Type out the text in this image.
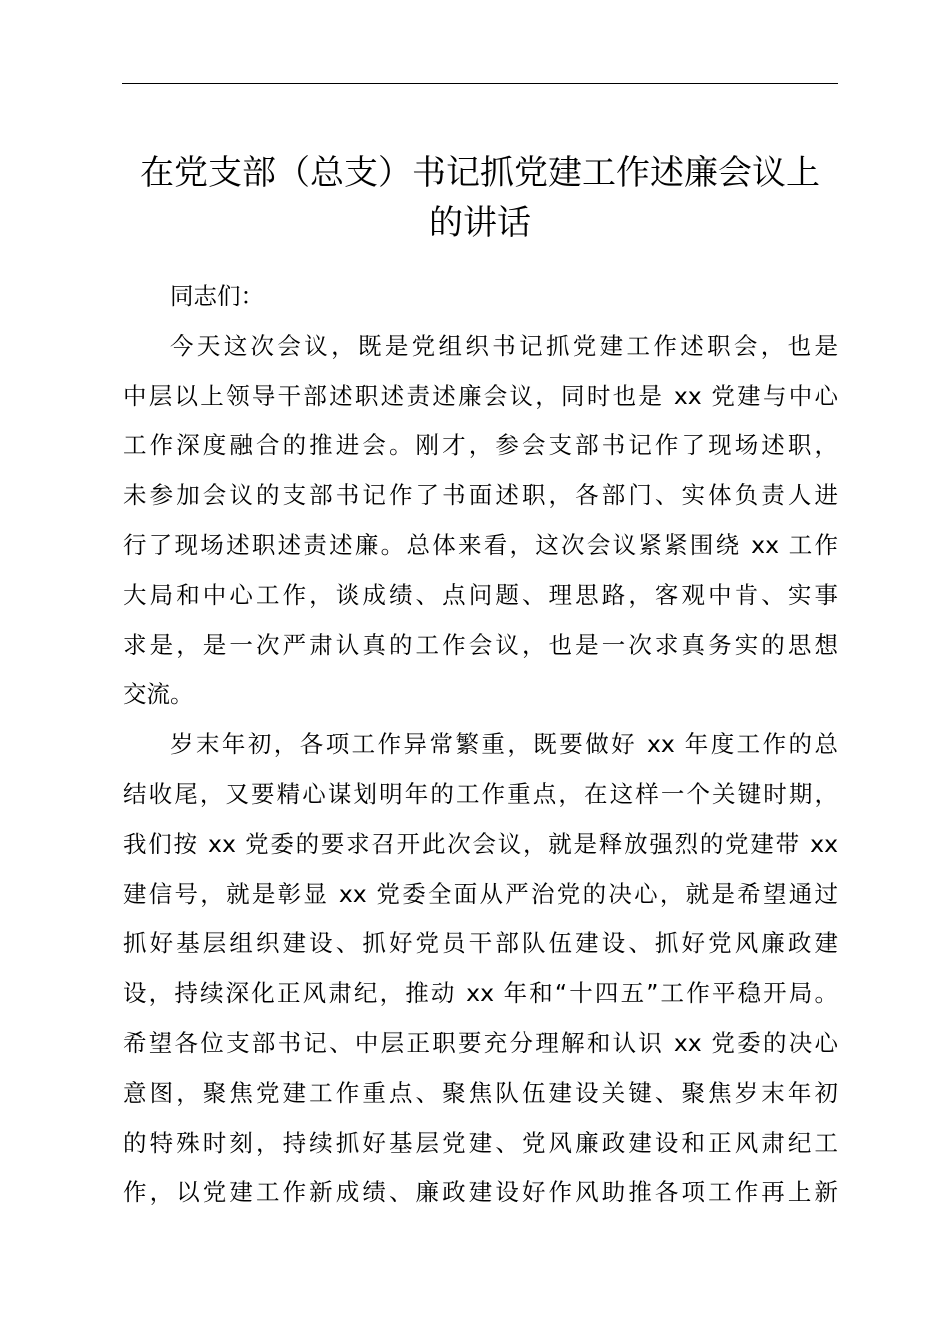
在党支部（总支）书记抓党建工作述廉会议上
的讲话
同志们：
今天这次会议，既是党组织书记抓党建工作述职会，也是
中层以上领导干部述职述责述廉会议，同时也是 xx 党建与中心
工作深度融合的推进会。刚才，参会支部书记作了现场述职，
未参加会议的支部书记作了书面述职，各部门、实体负责人进
行了现场述职述责述廉。总体来看，这次会议紧紧围绕 xx 工作
大局和中心工作，谈成绩、点问题、理思路，客观中肯、实事
求是，是一次严肃认真的工作会议，也是一次求真务实的思想
交流。
岁末年初，各项工作异常繁重，既要做好 xx 年度工作的总
结收尾，又要精心谋划明年的工作重点，在这样一个关键时期，
我们按 xx 党委的要求召开此次会议，就是释放强烈的党建带 xx
建信号，就是彰显 xx 党委全面从严治党的决心，就是希望通过
抓好基层组织建设、抓好党员干部队伍建设、抓好党风廉政建
设，持续深化正风肃纪，推动 xx 年和“十四五”工作平稳开局。
希望各位支部书记、中层正职要充分理解和认识 xx 党委的决心
意图，聚焦党建工作重点、聚焦队伍建设关键、聚焦岁末年初
的特殊时刻，持续抓好基层党建、党风廉政建设和正风肃纪工
作，以党建工作新成绩、廉政建设好作风助推各项工作再上新
